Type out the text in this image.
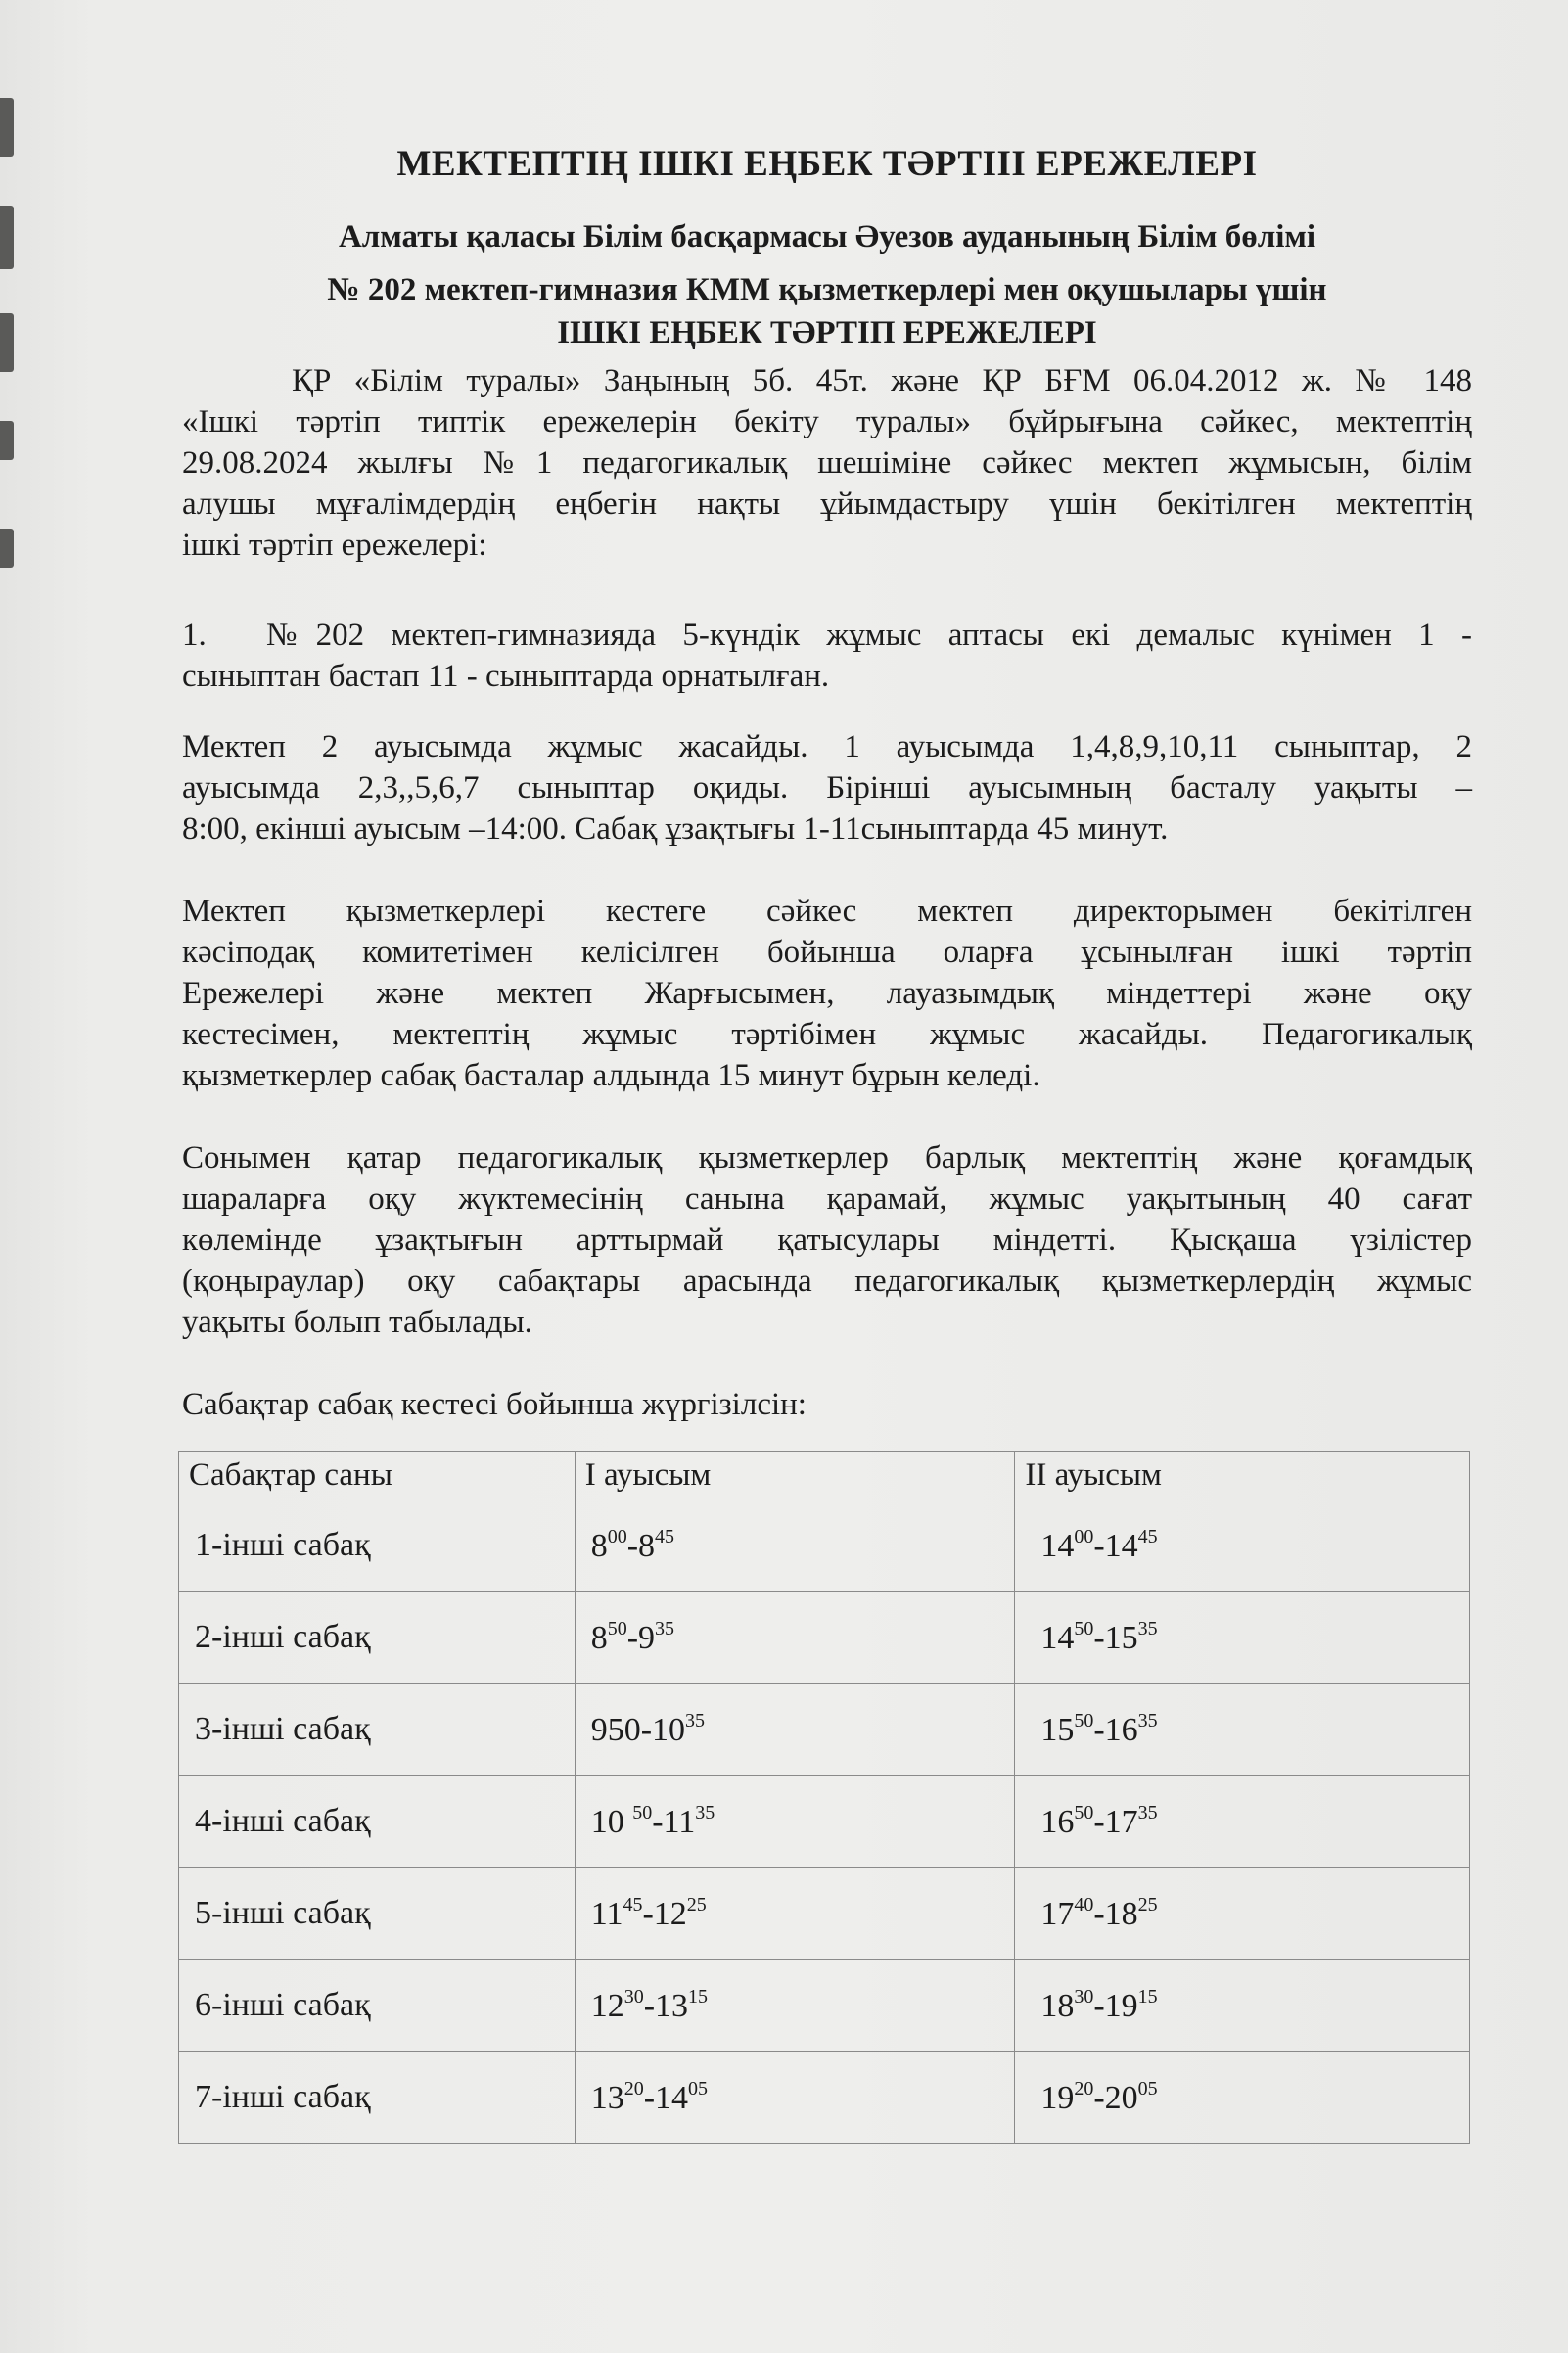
МЕКТЕПТІҢ ІШКІ ЕҢБЕК ТӘРТІІІ ЕРЕЖЕЛЕРІ
Алматы қаласы Білім басқармасы Әуезов ауданының Білім бөлімі
№ 202 мектеп-гимназия КММ қызметкерлері мен оқушылары үшін
ІШКІ ЕҢБЕК ТӘРТІП ЕРЕЖЕЛЕРІ
ҚР «Білім туралы» Заңының 5б. 45т. және ҚР БҒМ 06.04.2012 ж. № 148
«Ішкі тәртіп типтік ережелерін бекіту туралы» бұйрығына сәйкес, мектептің
29.08.2024 жылғы №1 педагогикалық шешіміне сәйкес мектеп жұмысын, білім
алушы мұғалімдердің еңбегін нақты ұйымдастыру үшін бекітілген мектептің
ішкі тәртіп ережелері:
1.	№202 мектеп-гимназияда 5-күндік жұмыс аптасы екі демалыс күнімен 1 -
сыныптан бастап 11 - сыныптарда орнатылған.
Мектеп 2 ауысымда жұмыс жасайды. 1 ауысымда 1,4,8,9,10,11 сыныптар, 2
ауысымда 2,3,,5,6,7 сыныптар оқиды. Бірінші ауысымның басталу уақыты –
8:00, екінші ауысым –14:00. Сабақ ұзақтығы 1-11сыныптарда 45 минут.
Мектеп қызметкерлері кестеге сәйкес мектеп директорымен бекітілген
кәсіподақ комитетімен келісілген бойынша оларға ұсынылған ішкі тәртіп
Ережелері және мектеп Жарғысымен, лауазымдық міндеттері және оқу
кестесімен, мектептің жұмыс тәртібімен жұмыс жасайды. Педагогикалық
қызметкерлер сабақ басталар алдында 15 минут бұрын келеді.
Сонымен қатар педагогикалық қызметкерлер барлық мектептің және қоғамдық
шараларға оқу жүктемесінің санына қарамай, жұмыс уақытының 40 сағат
көлемінде ұзақтығын арттырмай қатысулары міндетті. Қысқаша үзілістер
(қоңыраулар) оқу сабақтары арасында педагогикалық қызметкерлердің жұмыс
уақыты болып табылады.
Сабақтар сабақ кестесі бойынша жүргізілсін:
Сабақтар саны	I ауысым	II ауысым
1-інші сабақ	$8^{00}-8^{45}$	$14^{00}-14^{45}$
2-інші сабақ	$8^{50}-9^{35}$	$14^{50}-15^{35}$
3-інші сабақ	$950-10^{35}$	$15^{50}-16^{35}$
4-інші сабақ	10 $^{50}-11^{35}$	$16^{50}-17^{35}$
5-інші сабақ	$11^{45}-12^{25}$	$17^{40}-18^{25}$
6-інші сабақ	$12^{30}-13^{15}$	$18^{30}-19^{15}$
7-інші сабақ	$13^{20}-14^{05}$	$19^{20}-20^{05}$
